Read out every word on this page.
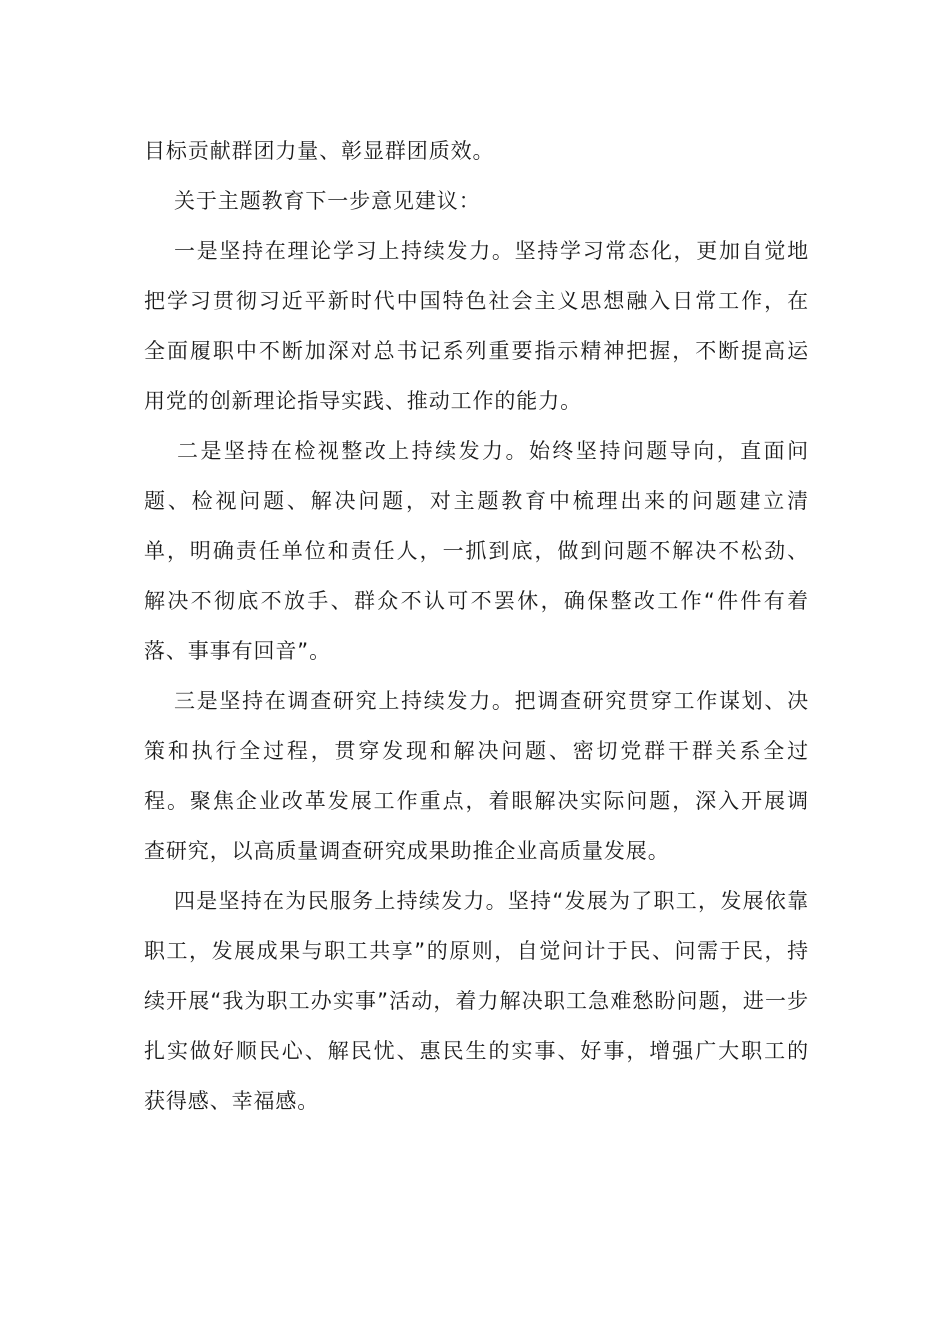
目标贡献群团力量、彰显群团质效。
关于主题教育下一步意见建议：
一是坚持在理论学习上持续发力。坚持学习常态化，更加自觉地
把学习贯彻习近平新时代中国特色社会主义思想融入日常工作，在
全面履职中不断加深对总书记系列重要指示精神把握，不断提高运
用党的创新理论指导实践、推动工作的能力。
二是坚持在检视整改上持续发力。始终坚持问题导向，直面问
题、检视问题、解决问题，对主题教育中梳理出来的问题建立清
单，明确责任单位和责任人，一抓到底，做到问题不解决不松劲、
解决不彻底不放手、群众不认可不罢休，确保整改工作“件件有着
落、事事有回音”。
三是坚持在调查研究上持续发力。把调查研究贯穿工作谋划、决
策和执行全过程，贯穿发现和解决问题、密切党群干群关系全过
程。聚焦企业改革发展工作重点，着眼解决实际问题，深入开展调
查研究，以高质量调查研究成果助推企业高质量发展。
四是坚持在为民服务上持续发力。坚持“发展为了职工，发展依靠
职工，发展成果与职工共享”的原则，自觉问计于民、问需于民，持
续开展“我为职工办实事”活动，着力解决职工急难愁盼问题，进一步
扎实做好顺民心、解民忧、惠民生的实事、好事，增强广大职工的
获得感、幸福感。
